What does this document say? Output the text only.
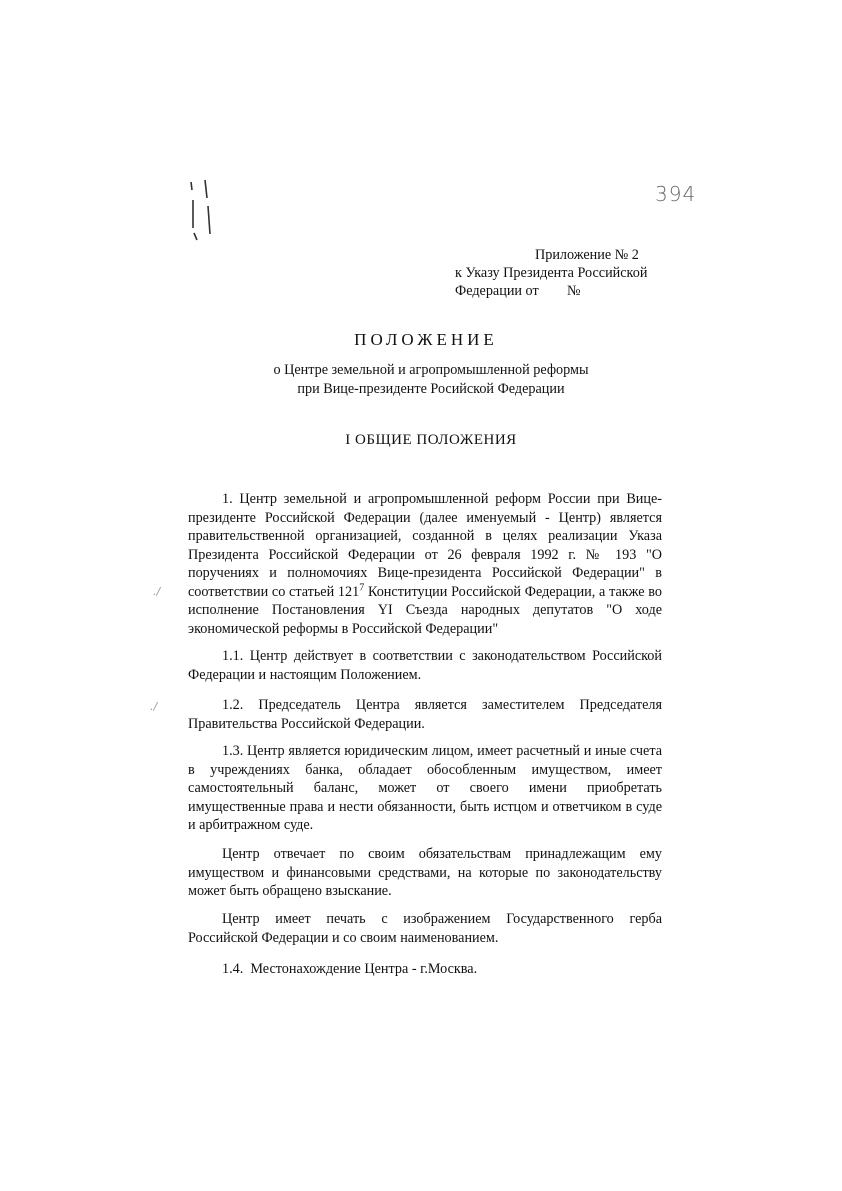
394
Приложение № 2
к Указу Президента Российской
Федерации от        №
ПОЛОЖЕНИЕ
о Центре земельной и агропромышленной реформы
при Вице-президенте Росийской Федерации
I ОБЩИЕ ПОЛОЖЕНИЯ
1. Центр земельной и агропромышленной реформ России при Вице-президенте Российской Федерации (далее именуемый - Центр) является правительственной организацией, созданной в целях реализации Указа Президента Российской Федерации от 26 февраля 1992 г. № 193 "О поручениях и полномочиях Вице-президента Российской Федерации" в соответствии со статьей $121^7$ Конституции Российской Федерации, а также во исполнение Постановления YI Съезда народных депутатов "О ходе экономической реформы в Российской Федерации"
1.1. Центр действует в соответствии с законодательством Российской Федерации и настоящим Положением.
1.2. Председатель Центра является заместителем Председателя Правительства Российской Федерации.
1.3. Центр является юридическим лицом, имеет расчетный и иные счета в учреждениях банка, обладает обособленным имуществом, имеет самостоятельный баланс, может от своего имени приобретать имущественные права и нести обязанности, быть истцом и ответчиком в суде и арбитражном суде.
Центр отвечает по своим обязательствам принадлежащим ему имуществом и финансовыми средствами, на которые по законодательству может быть обращено взыскание.
Центр имеет печать с изображением Государственного герба Российской Федерации и со своим наименованием.
1.4.  Местонахождение Центра - г.Москва.
./
./
